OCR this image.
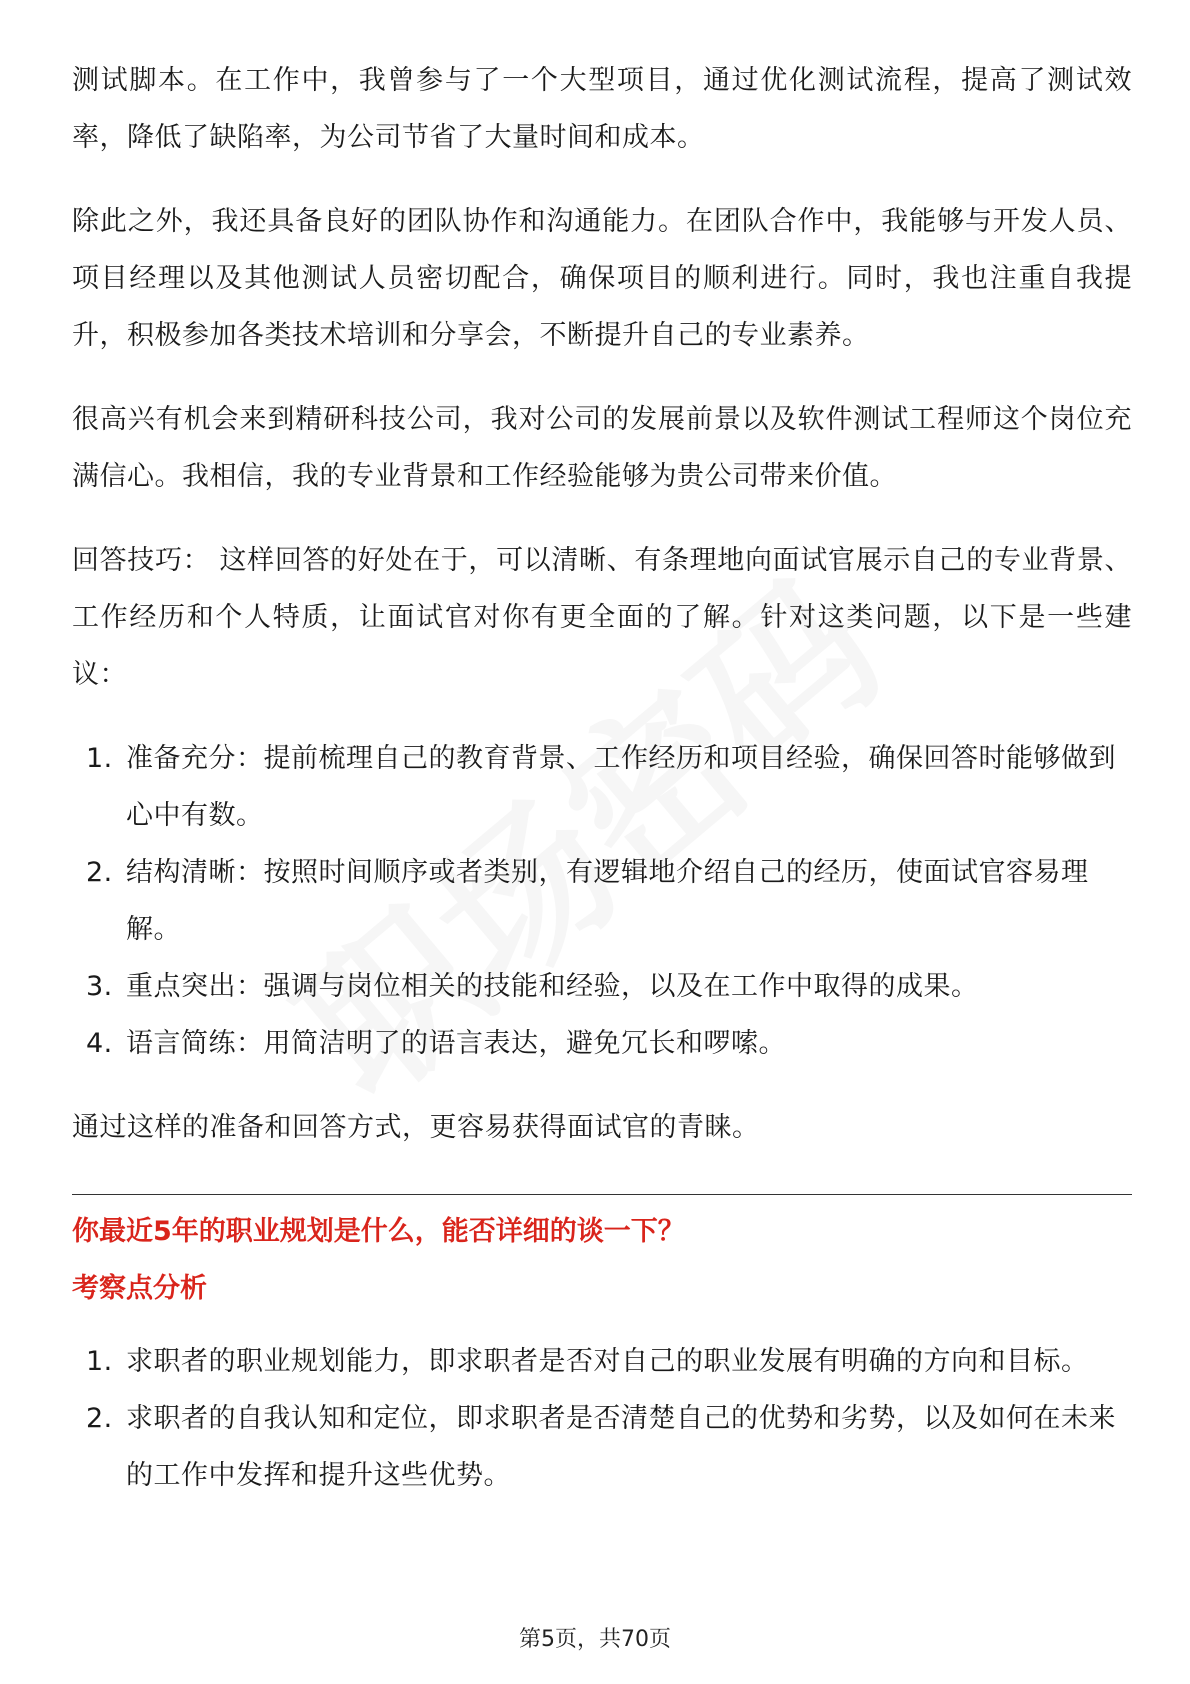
测试脚本。在工作中，我曾参与了一个大型项目，通过优化测试流程，提高了测试效率，降低了缺陷率，为公司节省了大量时间和成本。

除此之外，我还具备良好的团队协作和沟通能力。在团队合作中，我能够与开发人员、项目经理以及其他测试人员密切配合，确保项目的顺利进行。同时，我也注重自我提升，积极参加各类技术培训和分享会，不断提升自己的专业素养。

很高兴有机会来到精研科技公司，我对公司的发展前景以及软件测试工程师这个岗位充满信心。我相信，我的专业背景和工作经验能够为贵公司带来价值。

回答技巧： 这样回答的好处在于，可以清晰、有条理地向面试官展示自己的专业背景、工作经历和个人特质，让面试官对你有更全面的了解。针对这类问题，以下是一些建议：

1. 准备充分：提前梳理自己的教育背景、工作经历和项目经验，确保回答时能够做到心中有数。
2. 结构清晰：按照时间顺序或者类别，有逻辑地介绍自己的经历，使面试官容易理解。
3. 重点突出：强调与岗位相关的技能和经验，以及在工作中取得的成果。
4. 语言简练：用简洁明了的语言表达，避免冗长和啰嗦。

通过这样的准备和回答方式，更容易获得面试官的青睐。

你最近5年的职业规划是什么，能否详细的谈一下？

考察点分析

1. 求职者的职业规划能力，即求职者是否对自己的职业发展有明确的方向和目标。
2. 求职者的自我认知和定位，即求职者是否清楚自己的优势和劣势，以及如何在未来的工作中发挥和提升这些优势。
第5页，共70页
